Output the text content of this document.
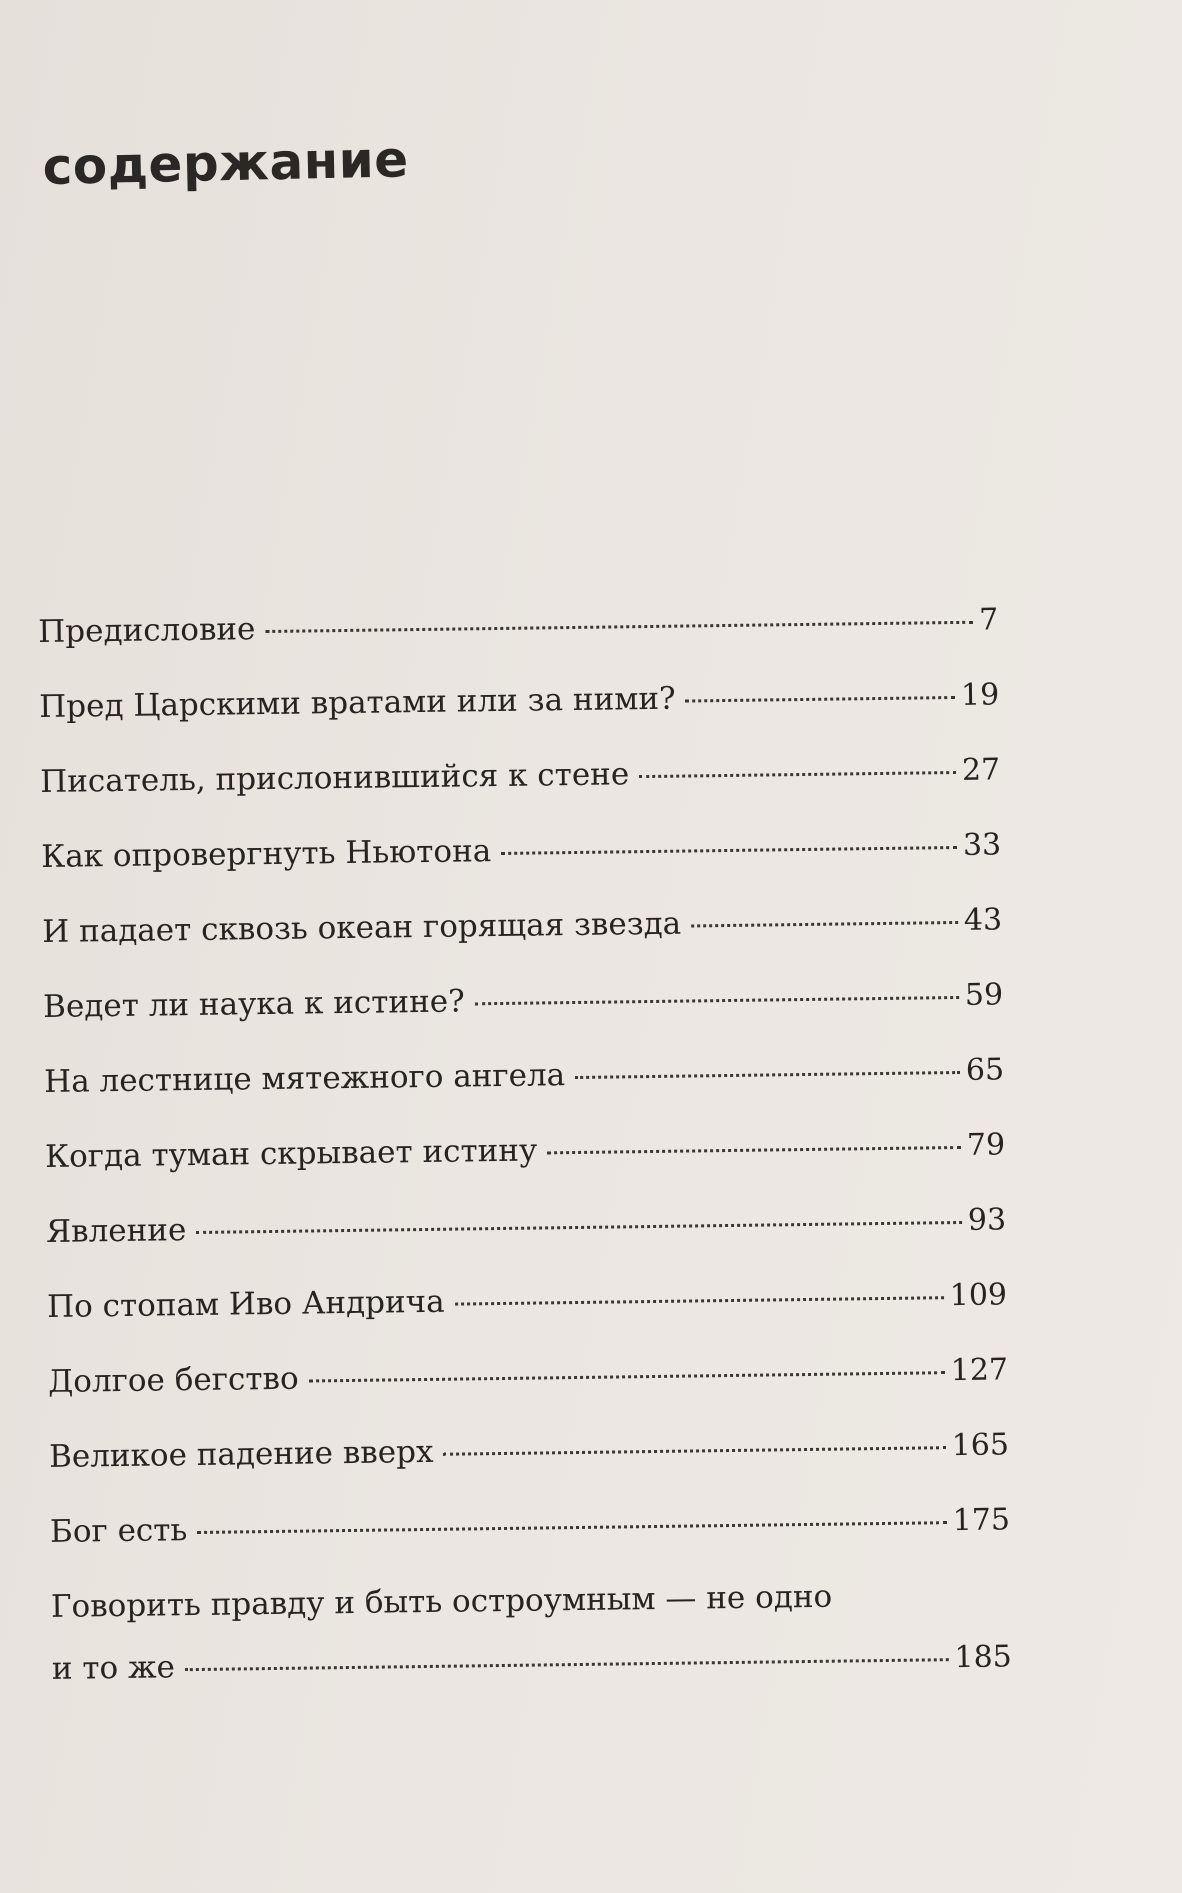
содержание
Предисловие	7
Пред Царскими вратами или за ними?	19
Писатель, прислонившийся к стене	27
Как опровергнуть Ньютона	33
И падает сквозь океан горящая звезда	43
Ведет ли наука к истине?	59
На лестнице мятежного ангела	65
Когда туман скрывает истину	79
Явление	93
По стопам Иво Андрича	109
Долгое бегство	127
Великое падение вверх	165
Бог есть	175
Говорить правду и быть остроумным — не одно
и то же	185
